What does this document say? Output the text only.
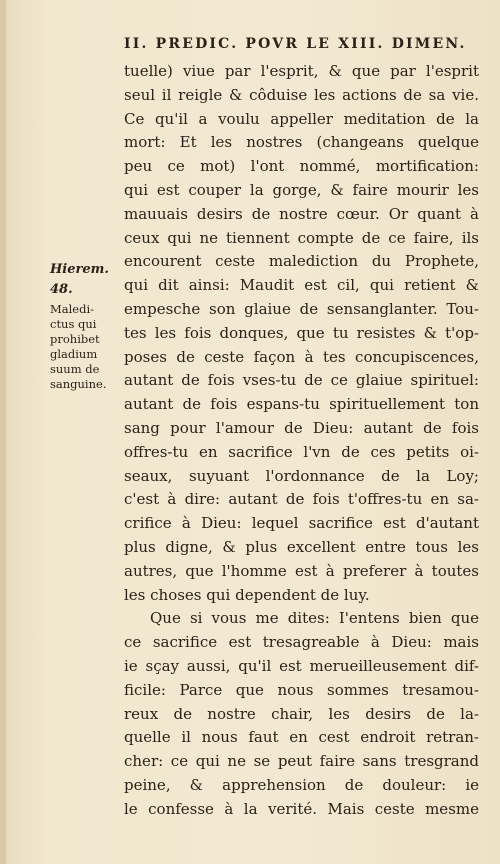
II. PREDIC. POVR LE XIII. DIMEN.

Hierem.

48.

Maledi-

ctus qui

prohibet

gladium

suum de

sanguine.

tuelle) viue par l'esprit, & que par l'esprit
seul il reigle & côduise les actions de sa vie.
Ce qu'il a voulu appeller meditation de la
mort: Et les nostres (changeans quelque
peu ce mot) l'ont nommé, mortification:
qui est couper la gorge, & faire mourir les
mauuais desirs de nostre cœur. Or quant à
ceux qui ne tiennent compte de ce faire, ils
encourent ceste malediction du Prophete,
qui dit ainsi: Maudit est cil, qui retient &
empesche son glaiue de sensanglanter. Tou-
tes les fois donques, que tu resistes & t'op-
poses de ceste façon à tes concupiscences,
autant de fois vses-tu de ce glaiue spirituel:
autant de fois espans-tu spirituellement ton
sang pour l'amour de Dieu: autant de fois
offres-tu en sacrifice l'vn de ces petits oi-
seaux, suyuant l'ordonnance de la Loy;
c'est à dire: autant de fois t'offres-tu en sa-
crifice à Dieu: lequel sacrifice est d'autant
plus digne, & plus excellent entre tous les
autres, que l'homme est à preferer à toutes
les choses qui dependent de luy.
Que si vous me dites: I'entens bien que
ce sacrifice est tresagreable à Dieu: mais
ie sçay aussi, qu'il est merueilleusement dif-
ficile: Parce que nous sommes tresamou-
reux de nostre chair, les desirs de la-
quelle il nous faut en cest endroit retran-
cher: ce qui ne se peut faire sans tresgrand
peine, & apprehension de douleur: ie
le confesse à la verité. Mais ceste mesme
